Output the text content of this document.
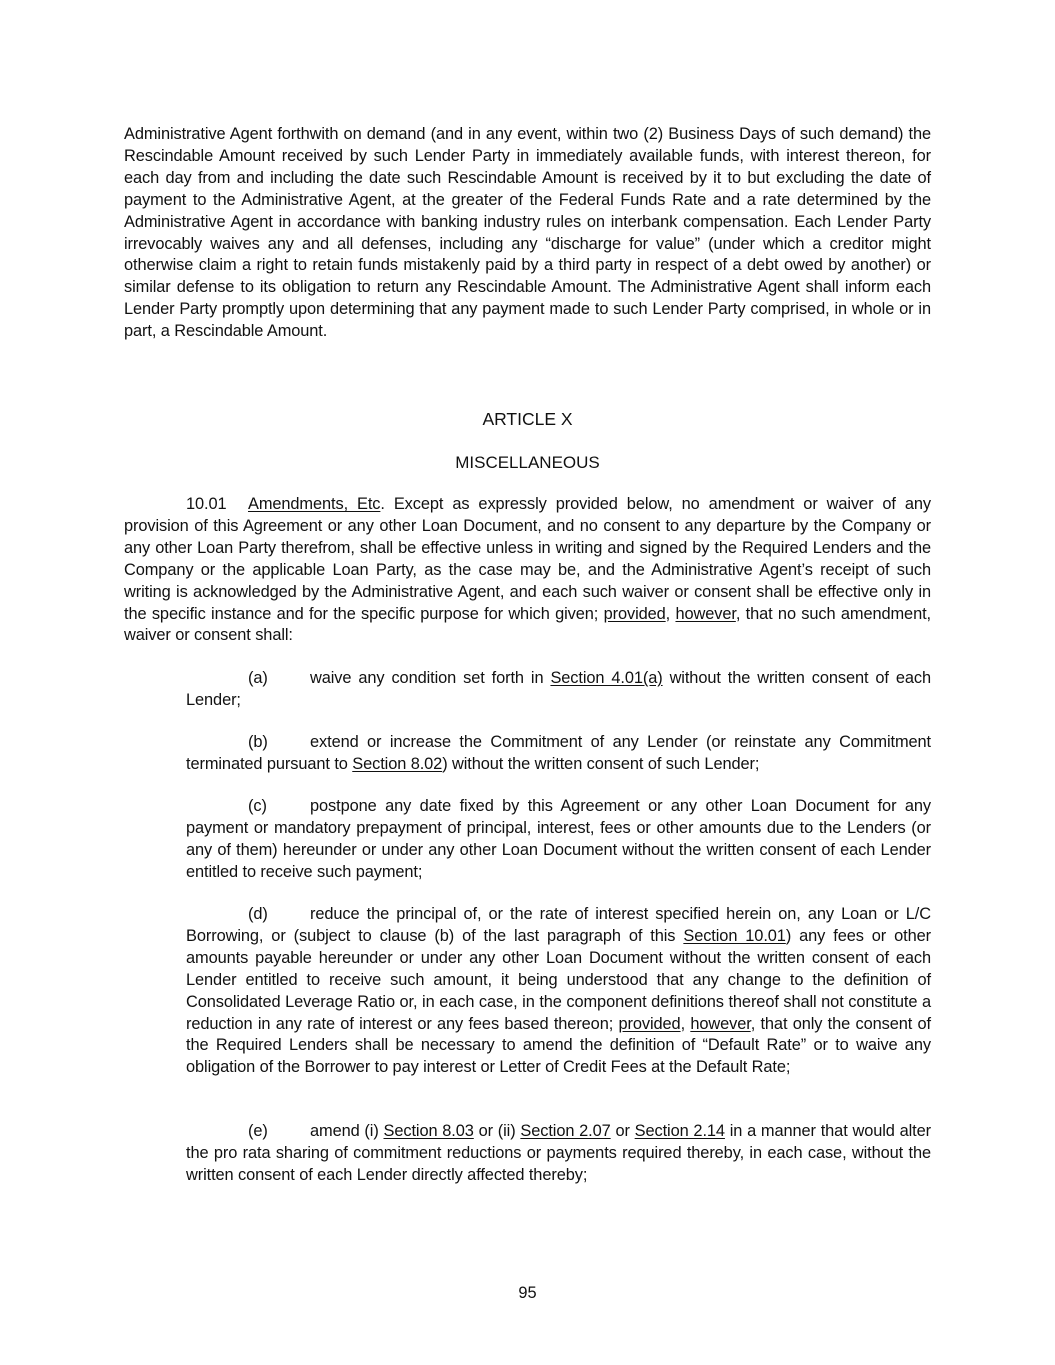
Administrative Agent forthwith on demand (and in any event, within two (2) Business Days of such demand) the Rescindable Amount received by such Lender Party in immediately available funds, with interest thereon, for each day from and including the date such Rescindable Amount is received by it to but excluding the date of payment to the Administrative Agent, at the greater of the Federal Funds Rate and a rate determined by the Administrative Agent in accordance with banking industry rules on interbank compensation. Each Lender Party irrevocably waives any and all defenses, including any “discharge for value” (under which a creditor might otherwise claim a right to retain funds mistakenly paid by a third party in respect of a debt owed by another) or similar defense to its obligation to return any Rescindable Amount. The Administrative Agent shall inform each Lender Party promptly upon determining that any payment made to such Lender Party comprised, in whole or in part, a Rescindable Amount.
ARTICLE X
MISCELLANEOUS
10.01 Amendments, Etc. Except as expressly provided below, no amendment or waiver of any provision of this Agreement or any other Loan Document, and no consent to any departure by the Company or any other Loan Party therefrom, shall be effective unless in writing and signed by the Required Lenders and the Company or the applicable Loan Party, as the case may be, and the Administrative Agent’s receipt of such writing is acknowledged by the Administrative Agent, and each such waiver or consent shall be effective only in the specific instance and for the specific purpose for which given; provided, however, that no such amendment, waiver or consent shall:
(a)	waive any condition set forth in Section 4.01(a) without the written consent of each Lender;
(b)	extend or increase the Commitment of any Lender (or reinstate any Commitment terminated pursuant to Section 8.02) without the written consent of such Lender;
(c)	postpone any date fixed by this Agreement or any other Loan Document for any payment or mandatory prepayment of principal, interest, fees or other amounts due to the Lenders (or any of them) hereunder or under any other Loan Document without the written consent of each Lender entitled to receive such payment;
(d)	reduce the principal of, or the rate of interest specified herein on, any Loan or L/C Borrowing, or (subject to clause (b) of the last paragraph of this Section 10.01) any fees or other amounts payable hereunder or under any other Loan Document without the written consent of each Lender entitled to receive such amount, it being understood that any change to the definition of Consolidated Leverage Ratio or, in each case, in the component definitions thereof shall not constitute a reduction in any rate of interest or any fees based thereon; provided, however, that only the consent of the Required Lenders shall be necessary to amend the definition of “Default Rate” or to waive any obligation of the Borrower to pay interest or Letter of Credit Fees at the Default Rate;
(e)	amend (i) Section 8.03 or (ii) Section 2.07 or Section 2.14 in a manner that would alter the pro rata sharing of commitment reductions or payments required thereby, in each case, without the written consent of each Lender directly affected thereby;
95
